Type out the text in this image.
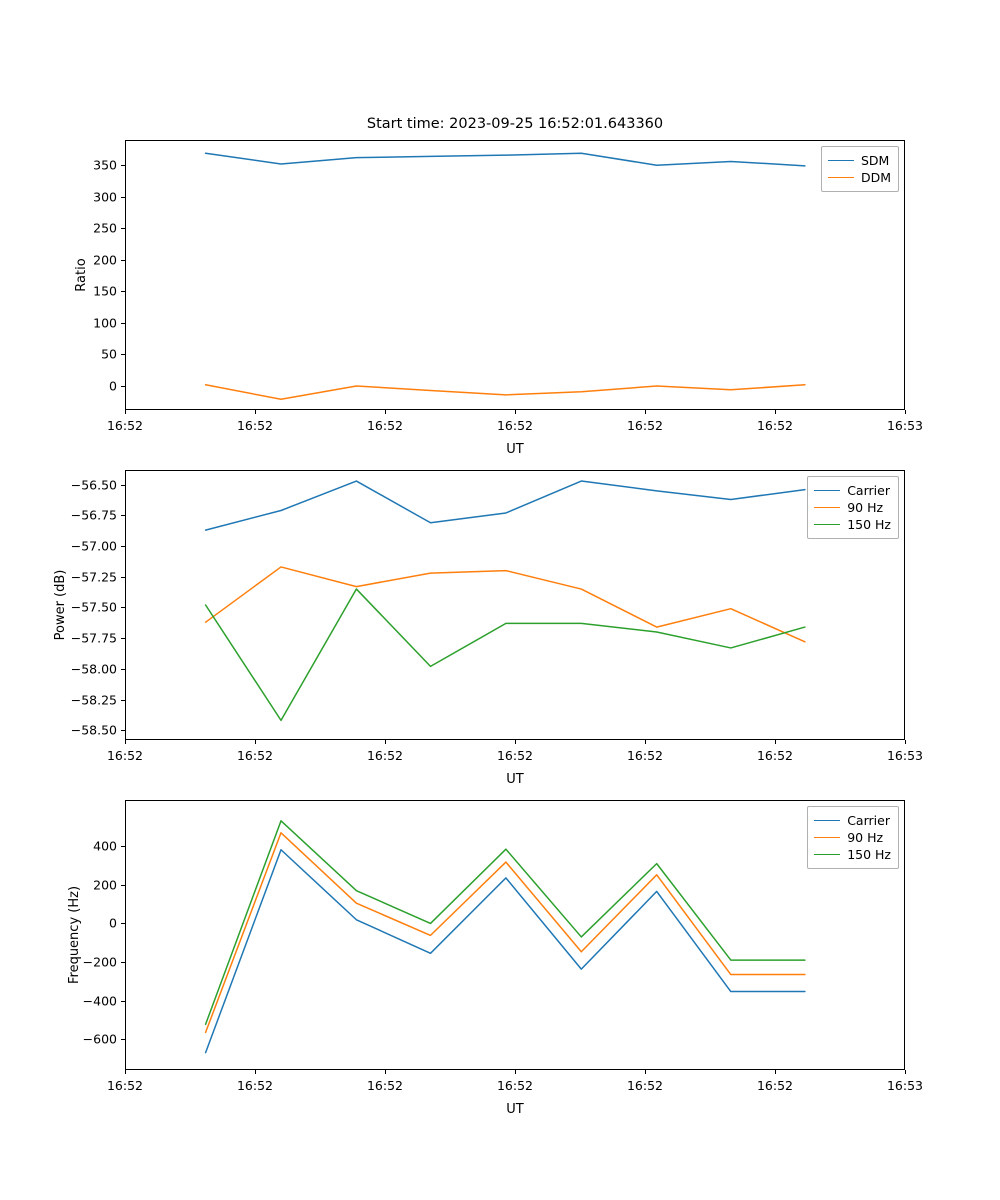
Start time: 2023-09-25 16:52:01.643360
Ratio
UT
16:52	16:52	16:52	16:52	16:52	16:52	16:53
0
50
100
150
200
250
300
350	SDM
DDM
Power (dB)
UT
16:52	16:52	16:52	16:52	16:52	16:52	16:53
−58.50
−58.25
−58.00
−57.75
−57.50
−57.25
−57.00
−56.75
−56.50	Carrier
90 Hz
150 Hz
Frequency (Hz)
UT
16:52	16:52	16:52	16:52	16:52	16:52	16:53
−600
−400
−200
0
200
400
Carrier
90 Hz
150 Hz
